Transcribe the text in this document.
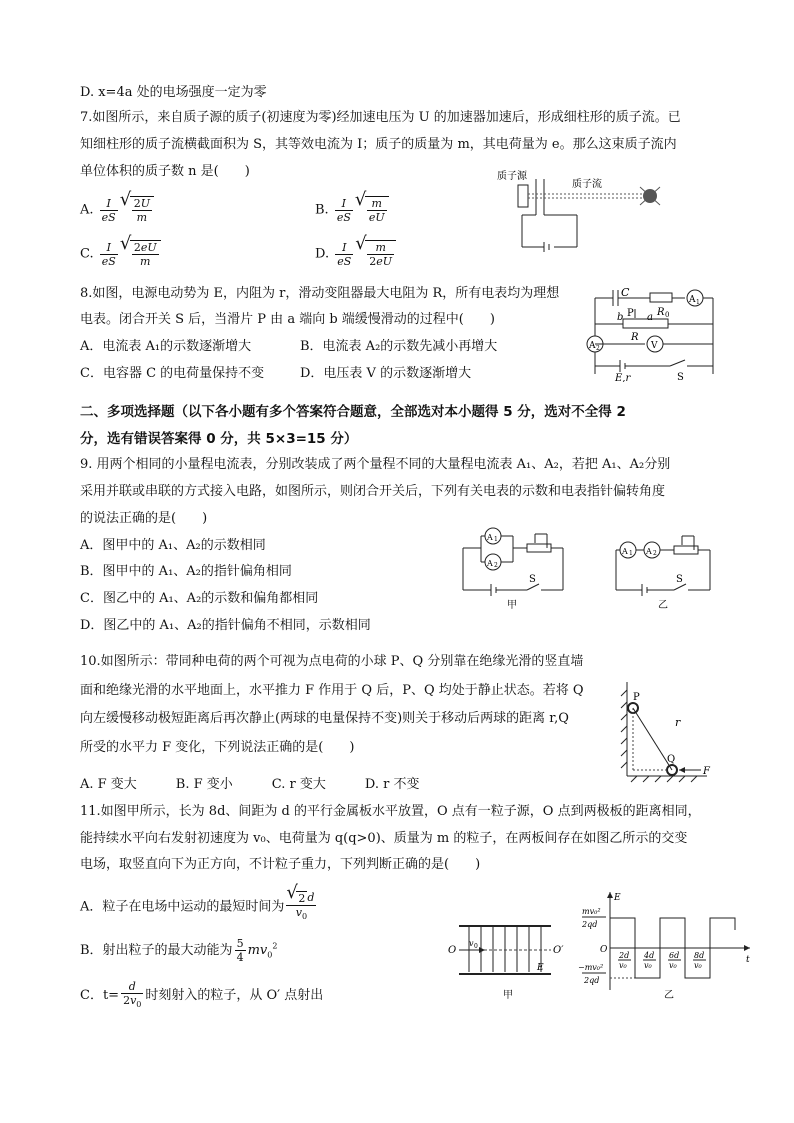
D. x=4a 处的电场强度一定为零
7.如图所示，来自质子源的质子(初速度为零)经加速电压为 U 的加速器加速后，形成细柱形的质子流。已
知细柱形的质子流横截面积为 S，其等效电流为 I；质子的质量为 m，其电荷量为 e。那么这束质子流内
单位体积的质子数 n 是(　　)
A. $\frac{I}{eS}$ √ $\frac{2U}{m}$	B. $\frac{I}{eS}$ √ $\frac{m}{eU}$
C. $\frac{I}{eS}$ √ $\frac{2eU}{m}$	D. $\frac{I}{eS}$ √ $\frac{m}{2eU}$
质子源
质子流
8.如图，电源电动势为 E，内阻为 r，滑动变阻器最大电阻为 R，所有电表均为理想
电表。闭合开关 S 后，当滑片 P 由 a 端向 b 端缓慢滑动的过程中(　　)
A．电流表 A₁的示数逐渐增大	B．电流表 A₂的示数先减小再增大
C．电容器 C 的电荷量保持不变	D．电压表 V 的示数逐渐增大
C
R 0
A 1
b a
P
R
A 2	V
E,r	S
二、多项选择题（以下各小题有多个答案符合题意，全部选对本小题得 5 分，选对不全得 2
分，选有错误答案得 0 分，共 5×3=15 分）
9. 用两个相同的小量程电流表，分别改装成了两个量程不同的大量程电流表 A₁、A₂，若把 A₁、A₂分别
采用并联或串联的方式接入电路，如图所示，则闭合开关后，下列有关电表的示数和电表指针偏转角度
的说法正确的是(　　)
A．图甲中的 A₁、A₂的示数相同
B．图甲中的 A₁、A₂的指针偏角相同
C．图乙中的 A₁、A₂的示数和偏角都相同
D．图乙中的 A₁、A₂的指针偏角不相同，示数相同
A 1
A 2
S
甲
A 1 A 2
S
乙
10.如图所示：带同种电荷的两个可视为点电荷的小球 P、Q 分别靠在绝缘光滑的竖直墙
面和绝缘光滑的水平地面上，水平推力 F 作用于 Q 后，P、Q 均处于静止状态。若将 Q
向左缓慢移动极短距离后再次静止(两球的电量保持不变)则关于移动后两球的距离 r,Q
所受的水平力 F 变化，下列说法正确的是(　　)
A. F 变大　　　B. F 变小　　　C. r 变大　　　D. r 不变
P
Q
r
F
11.如图甲所示，长为 8d、间距为 d 的平行金属板水平放置，O 点有一粒子源，O 点到两极板的距离相同，
能持续水平向右发射初速度为 v₀、电荷量为 q(q>0)、质量为 m 的粒子，在两板间存在如图乙所示的交变
电场，取竖直向下为正方向，不计粒子重力，下列判断正确的是(　　)
A．粒子在电场中运动的最短时间为 √ $\frac{2 d}{v_0}$
B．射出粒子的最大动能为 $\frac{5}{4} mv_0^2$
C．$t= \frac{d}{2v_0}$ 时刻射入的粒子，从 O′ 点射出
O
v 0	O′
E
甲
t
E
O
mv₀²
2qd
−mv₀²
2qd
2d
v₀
4d
v₀
6d
v₀
8d
v₀
乙
